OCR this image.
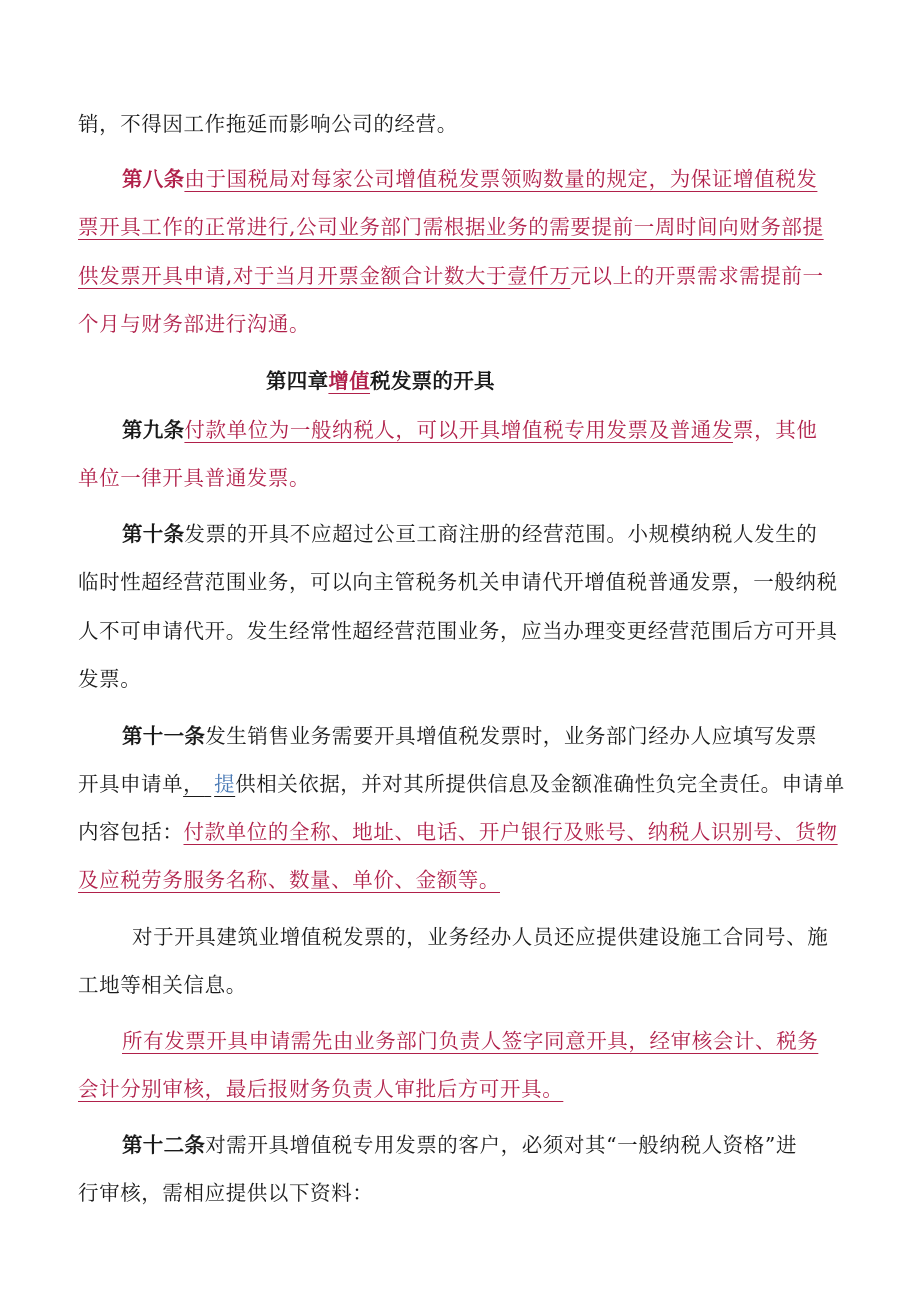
销，不得因工作拖延而影响公司的经营。
第八条由于国税局对每家公司增值税发票领购数量的规定，为保证增值税发
票开具工作的正常进行,公司业务部门需根据业务的需要提前一周时间向财务部提
供发票开具申请,对于当月开票金额合计数大于壹仟万元以上的开票需求需提前一
个月与财务部进行沟通。
第四章增值税发票的开具
第九条付款单位为一般纳税人，可以开具增值税专用发票及普通发票，其他
单位一律开具普通发票。
第十条发票的开具不应超过公亘工商注册的经营范围。小规模纳税人发生的
临时性超经营范围业务，可以向主管税务机关申请代开增值税普通发票，一般纳税
人不可申请代开。发生经常性超经营范围业务，应当办理变更经营范围后方可开具
发票。
第十一条发生销售业务需要开具增值税发票时，业务部门经办人应填写发票
开具申请单， 提供相关依据，并对其所提供信息及金额准确性负完全责任。申请单
内容包括：付款单位的全称、地址、电话、开户银行及账号、纳税人识别号、货物
及应税劳务服务名称、数量、单价、金额等。
对于开具建筑业增值税发票的，业务经办人员还应提供建设施工合同号、施
工地等相关信息。
所有发票开具申请需先由业务部门负责人签字同意开具，经审核会计、税务
会计分别审核，最后报财务负责人审批后方可开具。
第十二条对需开具增值税专用发票的客户，必须对其“一般纳税人资格”进
行审核，需相应提供以下资料：
